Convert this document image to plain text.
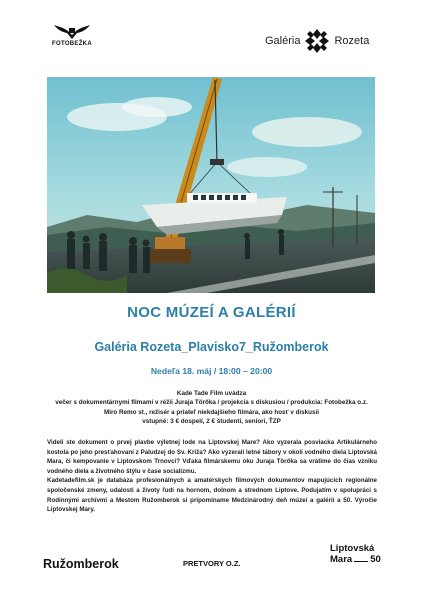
FOTOBEŽKA	Galéria	Rozeta
NOC MÚZEÍ A GALÉRIÍ
Galéria Rozeta_Plavisko7_Ružomberok
Nedeľa 18. máj / 18:00 – 20:00
Kade Tade Film uvádza
večer s dokumentárnymi filmami v réžii Juraja Törőka / projekcia s diskusiou / produkcia: Fotobežka o.z.
Miro Remo st., režisér a priateľ niekdajšieho filmára, ako hosť v diskusii
vstupné: 3 € dospelí, 2 € študenti, seniori, ŤZP

Videli ste dokument o prvej plavbe výletnej lode na Liptovskej Mare? Ako vyzerala posviacka Artikulárneho kostola po jeho presťahovaní z Paludzej do Sv. Kríža? Ako vyzerali letné tábory v okolí vodného diela Liptovská Mara, či kempovanie v Liptovskom Trnovci? Vďaka filmárskemu oku Juraja Törőka sa vrátime do čias vzniku vodného diela a životného štýlu v čase socializmu.

Kadetadefilm.sk je databáza profesionálnych a amatérskych filmových dokumentov mapujúcich regionálne spoločenské zmeny, udalosti a životy ľudí na hornom, dolnom a strednom Liptove. Podujatím v spolupráci s Rodinnými archívmi a Mestom Ružomberok si pripomíname Medzinárodný deň múzeí a galérií a 50. Výročie Liptovskej Mary.

Ružomberok	PRETVORY O.Z.
Liptovská
Mara 50
